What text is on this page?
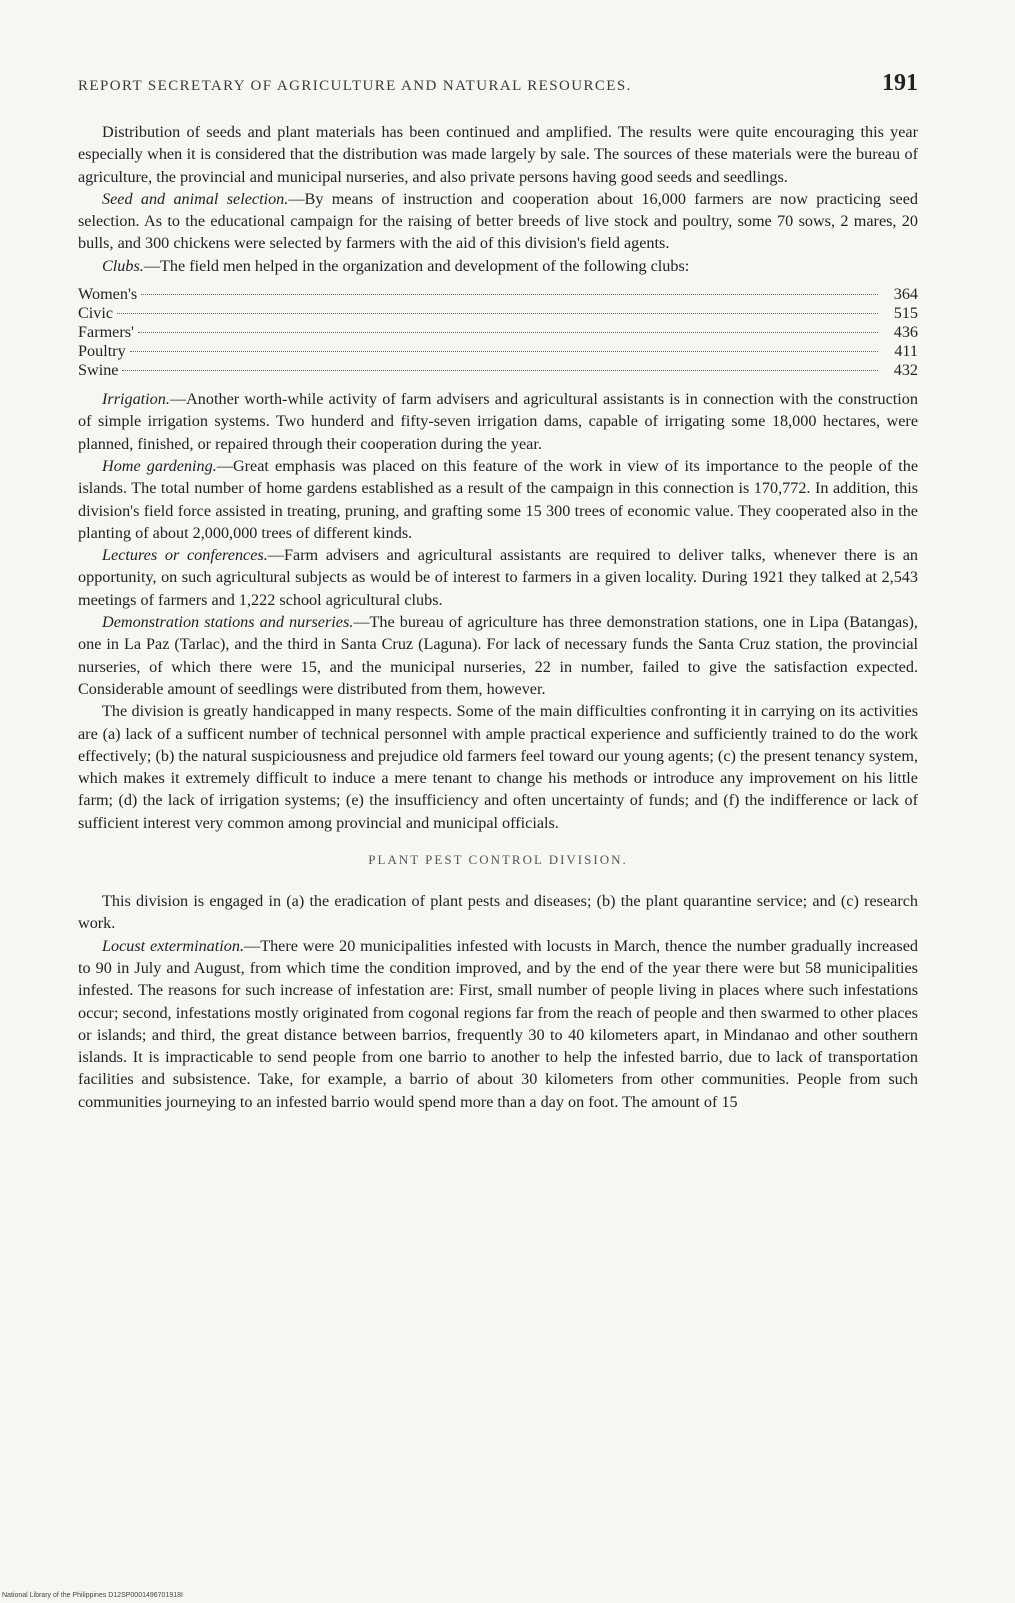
REPORT SECRETARY OF AGRICULTURE AND NATURAL RESOURCES.	191

Distribution of seeds and plant materials has been continued and amplified. The results were quite encouraging this year especially when it is considered that the distribution was made largely by sale. The sources of these materials were the bureau of agriculture, the provincial and municipal nurseries, and also private persons having good seeds and seedlings.

Seed and animal selection.—By means of instruction and cooperation about 16,000 farmers are now practicing seed selection. As to the educational campaign for the raising of better breeds of live stock and poultry, some 70 sows, 2 mares, 20 bulls, and 300 chickens were selected by farmers with the aid of this division's field agents.

Clubs.—The field men helped in the organization and development of the following clubs:

Women's	364
Civic	515
Farmers'	436
Poultry	411
Swine	432

Irrigation.—Another worth-while activity of farm advisers and agricultural assistants is in connection with the construction of simple irrigation systems. Two hunderd and fifty-seven irrigation dams, capable of irrigating some 18,000 hectares, were planned, finished, or repaired through their cooperation during the year.

Home gardening.—Great emphasis was placed on this feature of the work in view of its importance to the people of the islands. The total number of home gardens established as a result of the campaign in this connection is 170,772. In addition, this division's field force assisted in treating, pruning, and grafting some 15 300 trees of economic value. They cooperated also in the planting of about 2,000,000 trees of different kinds.

Lectures or conferences.—Farm advisers and agricultural assistants are required to deliver talks, whenever there is an opportunity, on such agricultural subjects as would be of interest to farmers in a given locality. During 1921 they talked at 2,543 meetings of farmers and 1,222 school agricultural clubs.

Demonstration stations and nurseries.—The bureau of agriculture has three demonstration stations, one in Lipa (Batangas), one in La Paz (Tarlac), and the third in Santa Cruz (Laguna). For lack of necessary funds the Santa Cruz station, the provincial nurseries, of which there were 15, and the municipal nurseries, 22 in number, failed to give the satisfaction expected. Considerable amount of seedlings were distributed from them, however.

The division is greatly handicapped in many respects. Some of the main difficulties confronting it in carrying on its activities are (a) lack of a sufficent number of technical personnel with ample practical experience and sufficiently trained to do the work effectively; (b) the natural suspiciousness and prejudice old farmers feel toward our young agents; (c) the present tenancy system, which makes it extremely difficult to induce a mere tenant to change his methods or introduce any improvement on his little farm; (d) the lack of irrigation systems; (e) the insufficiency and often uncertainty of funds; and (f) the indifference or lack of sufficient interest very common among provincial and municipal officials.

PLANT PEST CONTROL DIVISION.

This division is engaged in (a) the eradication of plant pests and diseases; (b) the plant quarantine service; and (c) research work.

Locust extermination.—There were 20 municipalities infested with locusts in March, thence the number gradually increased to 90 in July and August, from which time the condition improved, and by the end of the year there were but 58 municipalities infested. The reasons for such increase of infestation are: First, small number of people living in places where such infestations occur; second, infestations mostly originated from cogonal regions far from the reach of people and then swarmed to other places or islands; and third, the great distance between barrios, frequently 30 to 40 kilometers apart, in Mindanao and other southern islands. It is impracticable to send people from one barrio to another to help the infested barrio, due to lack of transportation facilities and subsistence. Take, for example, a barrio of about 30 kilometers from other communities. People from such communities journeying to an infested barrio would spend more than a day on foot. The amount of 15

National Library of the Philippines D12SP0001496701918I
